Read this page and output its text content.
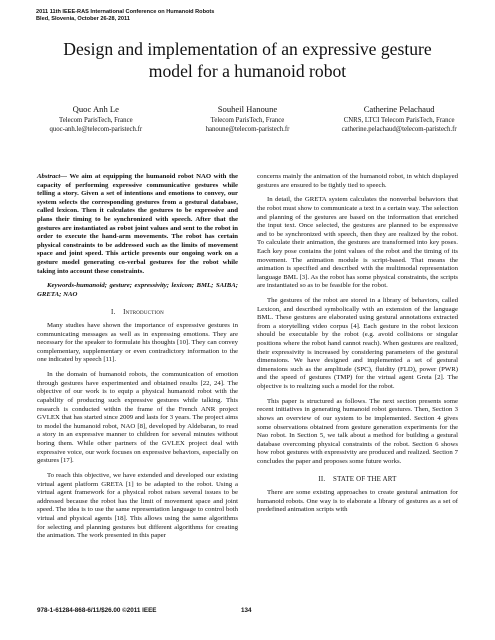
2011 11th IEEE-RAS International Conference on Humanoid Robots
Bled, Slovenia, October 26-28, 2011
Design and implementation of an expressive gesture model for a humanoid robot
Quoc Anh Le
Telecom ParisTech, France
quoc-anh.le@telecom-paristech.fr
Souheil Hanoune
Telecom ParisTech, France
hanoune@telecom-paristech.fr
Catherine Pelachaud
CNRS, LTCI Telecom ParisTech, France
catherine.pelachaud@telecom-paristech.fr

Abstract— We aim at equipping the humanoid robot NAO with the capacity of performing expressive communicative gestures while telling a story. Given a set of intentions and emotions to convey, our system selects the corresponding gestures from a gestural database, called lexicon. Then it calculates the gestures to be expressive and plans their timing to be synchronized with speech. After that the gestures are instantiated as robot joint values and sent to the robot in order to execute the hand-arm movements. The robot has certain physical constraints to be addressed such as the limits of movement space and joint speed. This article presents our ongoing work on a gesture model generating co-verbal gestures for the robot while taking into account these constraints.

Keywords-humanoid; gesture; expressivity; lexicon; BML; SAIBA; GRETA; NAO

I. Introduction

Many studies have shown the importance of expressive gestures in communicating messages as well as in expressing emotions. They are necessary for the speaker to formulate his thoughts [10]. They can convey complementary, supplementary or even contradictory information to the one indicated by speech [11].

In the domain of humanoid robots, the communication of emotion through gestures have experimented and obtained results [22, 24]. The objective of our work is to equip a physical humanoid robot with the capability of producing such expressive gestures while talking. This research is conducted within the frame of the French ANR project GVLEX that has started since 2009 and lasts for 3 years. The project aims to model the humanoid robot, NAO [8], developed by Aldebaran, to read a story in an expressive manner to children for several minutes without boring them. While other partners of the GVLEX project deal with expressive voice, our work focuses on expressive behaviors, especially on gestures [17].

To reach this objective, we have extended and developed our existing virtual agent platform GRETA [1] to be adapted to the robot. Using a virtual agent framework for a physical robot raises several issues to be addressed because the robot has the limit of movement space and joint speed. The idea is to use the same representation language to control both virtual and physical agents [18]. This allows using the same algorithms for selecting and planning gestures but different algorithms for creating the animation. The work presented in this paper

concerns mainly the animation of the humanoid robot, in which displayed gestures are ensured to be tightly tied to speech.

In detail, the GRETA system calculates the nonverbal behaviors that the robot must show to communicate a text in a certain way. The selection and planning of the gestures are based on the information that enriched the input text. Once selected, the gestures are planned to be expressive and to be synchronized with speech, then they are realized by the robot. To calculate their animation, the gestures are transformed into key poses. Each key pose contains the joint values of the robot and the timing of its movement. The animation module is script-based. That means the animation is specified and described with the multimodal representation language BML [3]. As the robot has some physical constraints, the scripts are instantiated so as to be feasible for the robot.

The gestures of the robot are stored in a library of behaviors, called Lexicon, and described symbolically with an extension of the language BML. These gestures are elaborated using gestural annotations extracted from a storytelling video corpus [4]. Each gesture in the robot lexicon should be executable by the robot (e.g. avoid collisions or singular positions where the robot hand cannot reach). When gestures are realized, their expressivity is increased by considering parameters of the gestural dimensions. We have designed and implemented a set of gestural dimensions such as the amplitude (SPC), fluidity (FLD), power (PWR) and the speed of gestures (TMP) for the virtual agent Greta [2]. The objective is to realizing such a model for the robot.

This paper is structured as follows. The next section presents some recent initiatives in generating humanoid robot gestures. Then, Section 3 shows an overview of our system to be implemented. Section 4 gives some observations obtained from gesture generation experiments for the Nao robot. In Section 5, we talk about a method for building a gestural database overcoming physical constraints of the robot. Section 6 shows how robot gestures with expressivity are produced and realized. Section 7 concludes the paper and proposes some future works.

II. STATE OF THE ART

There are some existing approaches to create gestural animation for humanoid robots. One way is to elaborate a library of gestures as a set of predefined animation scripts with

978-1-61284-868-6/11/$26.00 ©2011 IEEE	134
